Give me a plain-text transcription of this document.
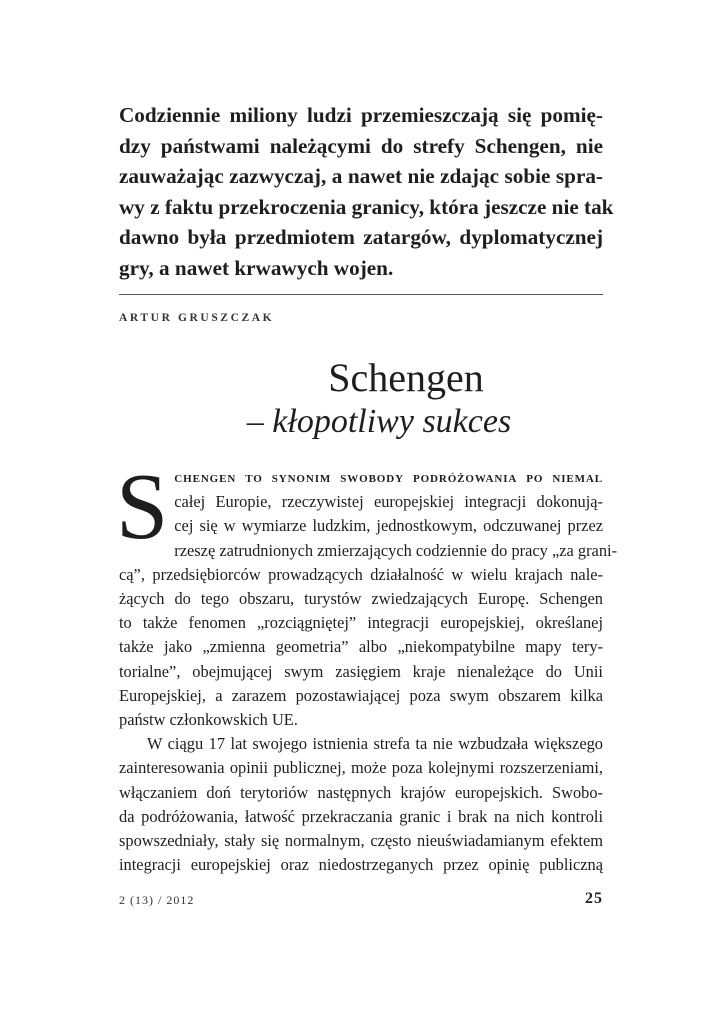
Codziennie miliony ludzi przemieszczają się pomię-
dzy państwami należącymi do strefy Schengen, nie
zauważając zazwyczaj, a nawet nie zdając sobie spra-
wy z faktu przekroczenia granicy, która jeszcze nie tak
dawno była przedmiotem zatargów, dyplomatycznej
gry, a nawet krwawych wojen.
ARTUR GRUSZCZAK
Schengen
– kłopotliwy sukces
S chengen to synonim swobody podróżowania po niemal
całej Europie, rzeczywistej europejskiej integracji dokonują-
cej się w wymiarze ludzkim, jednostkowym, odczuwanej przez
rzeszę zatrudnionych zmierzających codziennie do pracy „za grani-
cą”, przedsiębiorców prowadzących działalność w wielu krajach nale-
żących do tego obszaru, turystów zwiedzających Europę. Schengen
to także fenomen „rozciągniętej” integracji europejskiej, określanej
także jako „zmienna geometria” albo „niekompatybilne mapy tery-
torialne”, obejmującej swym zasięgiem kraje nienależące do Unii
Europejskiej, a zarazem pozostawiającej poza swym obszarem kilka
państw członkowskich UE.
W ciągu 17 lat swojego istnienia strefa ta nie wzbudzała większego
zainteresowania opinii publicznej, może poza kolejnymi rozszerzeniami,
włączaniem doń terytoriów następnych krajów europejskich. Swobo-
da podróżowania, łatwość przekraczania granic i brak na nich kontroli
spowszedniały, stały się normalnym, często nieuświadamianym efektem
integracji europejskiej oraz niedostrzeganych przez opinię publiczną
2 (13) / 2012	25
